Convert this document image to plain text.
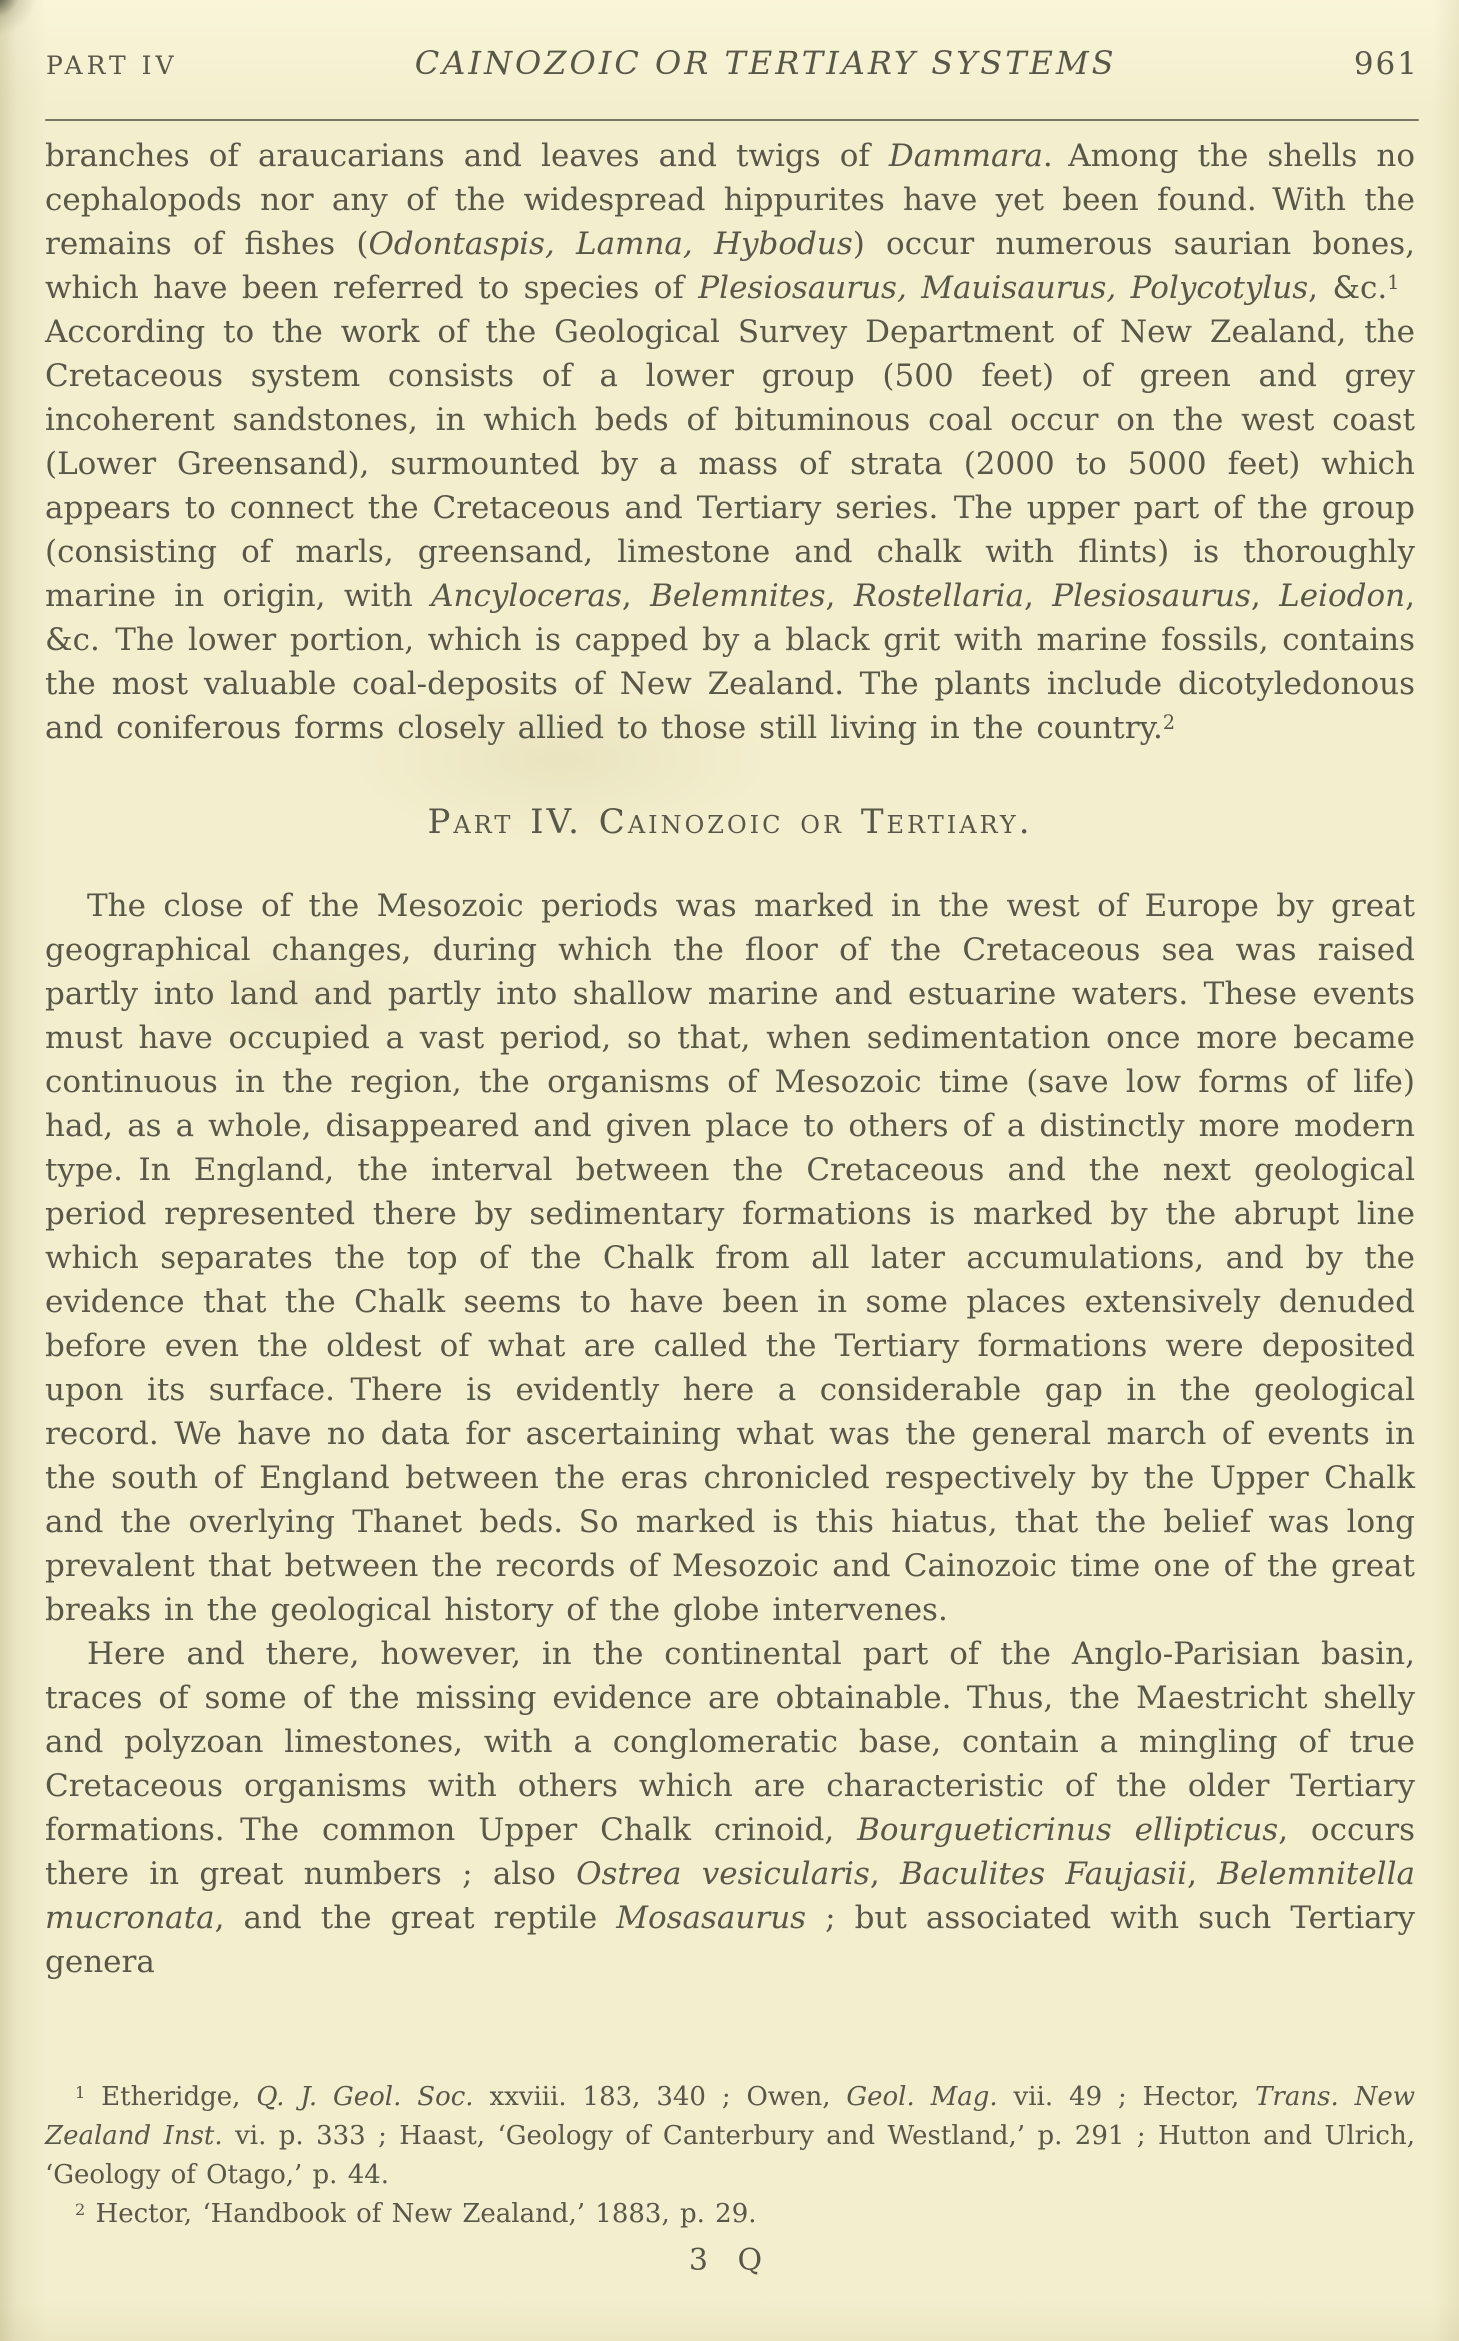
PART IV	CAINOZOIC OR TERTIARY SYSTEMS	961

branches of araucarians and leaves and twigs of Dammara. Among the shells no cephalopods nor any of the widespread hippurites have yet been found. With the remains of fishes (Odontaspis, Lamna, Hybodus) occur numerous saurian bones, which have been referred to species of Plesiosaurus, Mauisaurus, Polycotylus, &c.$^1$ According to the work of the Geological Survey Department of New Zealand, the Cretaceous system consists of a lower group (500 feet) of green and grey incoherent sandstones, in which beds of bituminous coal occur on the west coast (Lower Greensand), surmounted by a mass of strata (2000 to 5000 feet) which appears to connect the Cretaceous and Tertiary series. The upper part of the group (consisting of marls, greensand, limestone and chalk with flints) is thoroughly marine in origin, with Ancyloceras, Belemnites, Rostellaria, Plesiosaurus, Leiodon, &c. The lower portion, which is capped by a black grit with marine fossils, contains the most valuable coal-deposits of New Zealand. The plants include dicotyledonous and coniferous forms closely allied to those still living in the country.$^2$

Part IV. Cainozoic or Tertiary.

The close of the Mesozoic periods was marked in the west of Europe by great geographical changes, during which the floor of the Cretaceous sea was raised partly into land and partly into shallow marine and estuarine waters. These events must have occupied a vast period, so that, when sedimentation once more became continuous in the region, the organisms of Mesozoic time (save low forms of life) had, as a whole, disappeared and given place to others of a distinctly more modern type. In England, the interval between the Cretaceous and the next geological period represented there by sedimentary formations is marked by the abrupt line which separates the top of the Chalk from all later accumulations, and by the evidence that the Chalk seems to have been in some places extensively denuded before even the oldest of what are called the Tertiary formations were deposited upon its surface. There is evidently here a considerable gap in the geological record. We have no data for ascertaining what was the general march of events in the south of England between the eras chronicled respectively by the Upper Chalk and the overlying Thanet beds. So marked is this hiatus, that the belief was long prevalent that between the records of Mesozoic and Cainozoic time one of the great breaks in the geological history of the globe intervenes.

Here and there, however, in the continental part of the Anglo-Parisian basin, traces of some of the missing evidence are obtainable. Thus, the Maestricht shelly and polyzoan limestones, with a conglomeratic base, contain a mingling of true Cretaceous organisms with others which are characteristic of the older Tertiary formations. The common Upper Chalk crinoid, Bourgueticrinus ellipticus, occurs there in great numbers ; also Ostrea vesicularis, Baculites Faujasii, Belemnitella mucronata, and the great reptile Mosasaurus ; but associated with such Tertiary genera

$^1$ Etheridge, Q. J. Geol. Soc. xxviii. 183, 340 ; Owen, Geol. Mag. vii. 49 ; Hector, Trans. New Zealand Inst. vi. p. 333 ; Haast, ‘Geology of Canterbury and Westland,’ p. 291 ; Hutton and Ulrich, ‘Geology of Otago,’ p. 44.

$^2$ Hector, ‘Handbook of New Zealand,’ 1883, p. 29.

3 Q
